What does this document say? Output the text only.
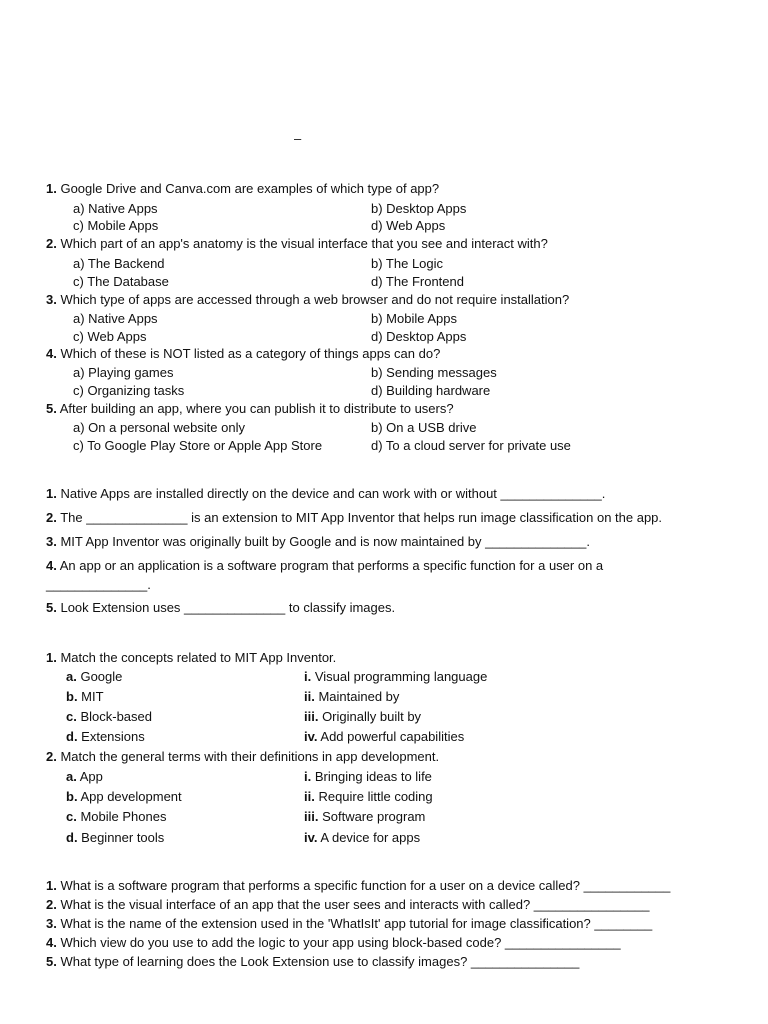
–
1. Google Drive and Canva.com are examples of which type of app?
a) Native Apps	b) Desktop Apps
c) Mobile Apps	d) Web Apps
2. Which part of an app's anatomy is the visual interface that you see and interact with?
a) The Backend	b) The Logic
c) The Database	d) The Frontend
3. Which type of apps are accessed through a web browser and do not require installation?
a) Native Apps	b) Mobile Apps
c) Web Apps	d) Desktop Apps
4. Which of these is NOT listed as a category of things apps can do?
a) Playing games	b) Sending messages
c) Organizing tasks	d) Building hardware
5. After building an app, where you can publish it to distribute to users?
a) On a personal website only	b) On a USB drive
c) To Google Play Store or Apple App Store	d) To a cloud server for private use
1. Native Apps are installed directly on the device and can work with or without ______________.
2. The ______________ is an extension to MIT App Inventor that helps run image classification on the app.
3. MIT App Inventor was originally built by Google and is now maintained by ______________.
4. An app or an application is a software program that performs a specific function for a user on a
______________.
5. Look Extension uses ______________ to classify images.
1. Match the concepts related to MIT App Inventor.
a. Google	i. Visual programming language
b. MIT	ii. Maintained by
c. Block-based	iii. Originally built by
d. Extensions	iv. Add powerful capabilities
2. Match the general terms with their definitions in app development.
a. App	i. Bringing ideas to life
b. App development	ii. Require little coding
c. Mobile Phones	iii. Software program
d. Beginner tools	iv. A device for apps
1. What is a software program that performs a specific function for a user on a device called? ____________
2. What is the visual interface of an app that the user sees and interacts with called? ________________
3. What is the name of the extension used in the 'WhatIsIt' app tutorial for image classification? ________
4. Which view do you use to add the logic to your app using block-based code? ________________
5. What type of learning does the Look Extension use to classify images? _______________
